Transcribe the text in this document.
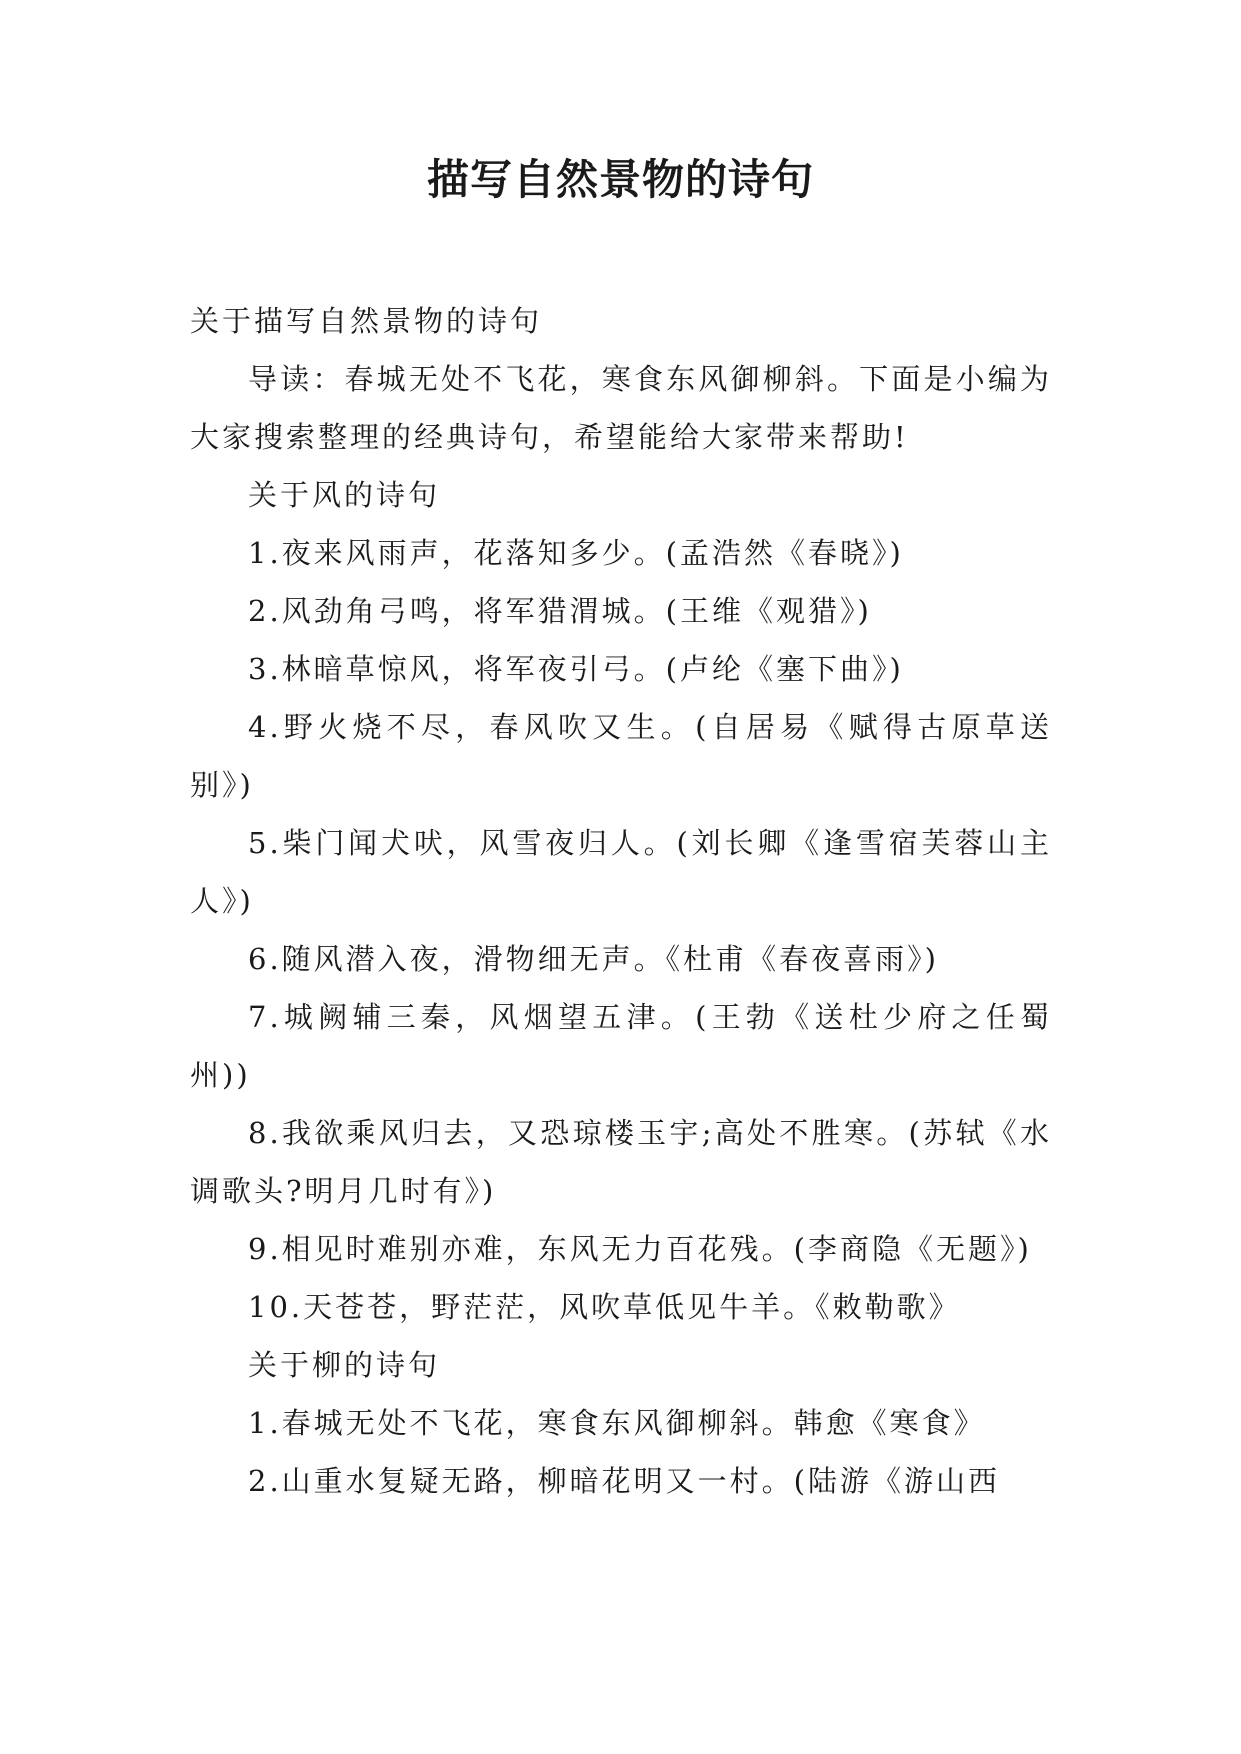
描写自然景物的诗句

关于描写自然景物的诗句

导读：春城无处不飞花，寒食东风御柳斜。下面是小编为大家搜索整理的经典诗句，希望能给大家带来帮助!

关于风的诗句

1.夜来风雨声，花落知多少。(孟浩然《春晓》)

2.风劲角弓鸣，将军猎渭城。(王维《观猎》)

3.林暗草惊风，将军夜引弓。(卢纶《塞下曲》)

4.野火烧不尽，春风吹又生。(自居易《赋得古原草送别》)

5.柴门闻犬吠，风雪夜归人。(刘长卿《逢雪宿芙蓉山主人》)

6.随风潜入夜，滑物细无声。《杜甫《春夜喜雨》)

7.城阙辅三秦，风烟望五津。(王勃《送杜少府之任蜀州))

8.我欲乘风归去，又恐琼楼玉宇;高处不胜寒。(苏轼《水调歌头?明月几时有》)

9.相见时难别亦难，东风无力百花残。(李商隐《无题》)

10.天苍苍，野茫茫，风吹草低见牛羊。《敕勒歌》

关于柳的诗句

1.春城无处不飞花，寒食东风御柳斜。韩愈《寒食》

2.山重水复疑无路，柳暗花明又一村。(陆游《游山西
